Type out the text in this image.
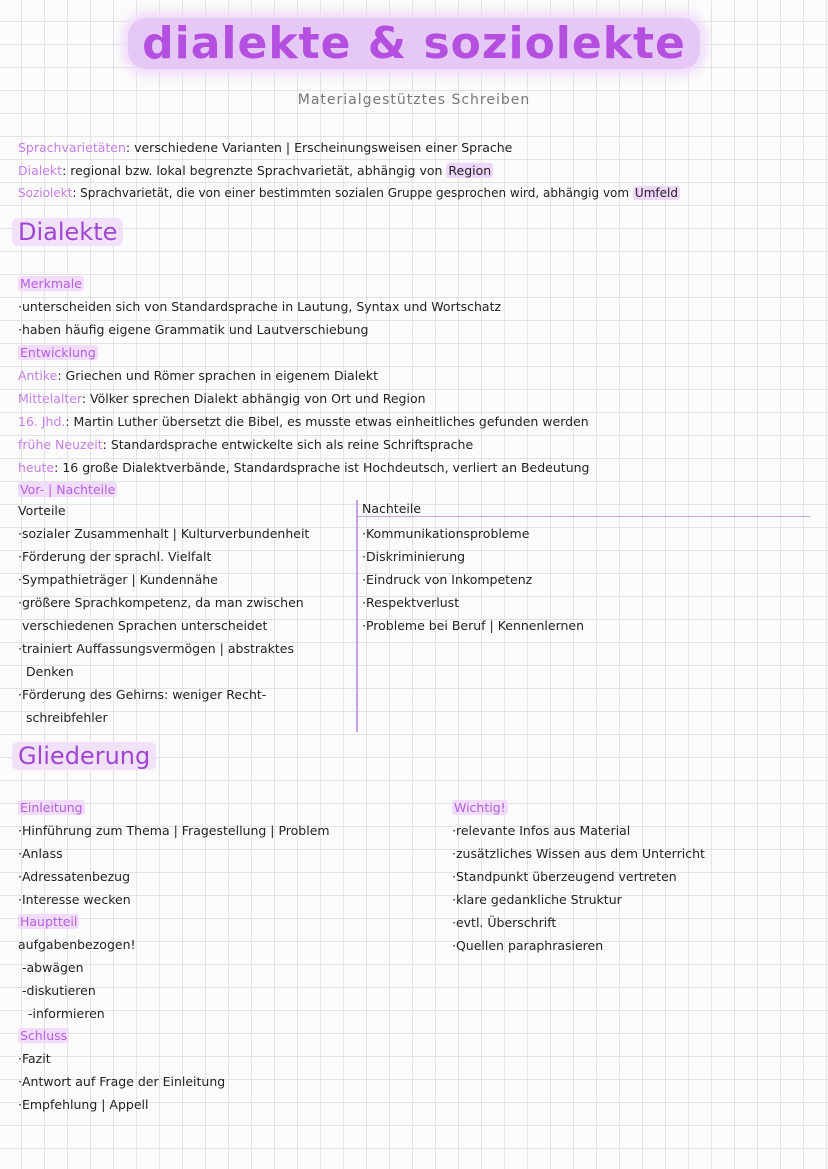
dialekte & soziolekte
Materialgestütztes Schreiben
Sprachvarietäten: verschiedene Varianten | Erscheinungsweisen einer Sprache
Dialekt: regional bzw. lokal begrenzte Sprachvarietät, abhängig von Region
Soziolekt: Sprachvarietät, die von einer bestimmten sozialen Gruppe gesprochen wird, abhängig vom Umfeld
Dialekte
Merkmale
·unterscheiden sich von Standardsprache in Lautung, Syntax und Wortschatz
·haben häufig eigene Grammatik und Lautverschiebung
Entwicklung
Antike: Griechen und Römer sprachen in eigenem Dialekt
Mittelalter: Völker sprechen Dialekt abhängig von Ort und Region
16. Jhd.: Martin Luther übersetzt die Bibel, es musste etwas einheitliches gefunden werden
frühe Neuzeit: Standardsprache entwickelte sich als reine Schriftsprache
heute: 16 große Dialektverbände, Standardsprache ist Hochdeutsch, verliert an Bedeutung
Vor- | Nachteile
Vorteile	Nachteile
·sozialer Zusammenhalt | Kulturverbundenheit
·Förderung der sprachl. Vielfalt
·Sympathieträger | Kundennähe
·größere Sprachkompetenz, da man zwischen
verschiedenen Sprachen unterscheidet
·trainiert Auffassungsvermögen | abstraktes
Denken
·Förderung des Gehirns: weniger Recht-
schreibfehler
·Kommunikationsprobleme
·Diskriminierung
·Eindruck von Inkompetenz
·Respektverlust
·Probleme bei Beruf | Kennenlernen
Gliederung
Einleitung
·Hinführung zum Thema | Fragestellung | Problem
·Anlass
·Adressatenbezug
·Interesse wecken
Hauptteil
aufgabenbezogen!
-abwägen
-diskutieren
-informieren
Schluss
·Fazit
·Antwort auf Frage der Einleitung
·Empfehlung | Appell
Wichtig!
·relevante Infos aus Material
·zusätzliches Wissen aus dem Unterricht
·Standpunkt überzeugend vertreten
·klare gedankliche Struktur
·evtl. Überschrift
·Quellen paraphrasieren
